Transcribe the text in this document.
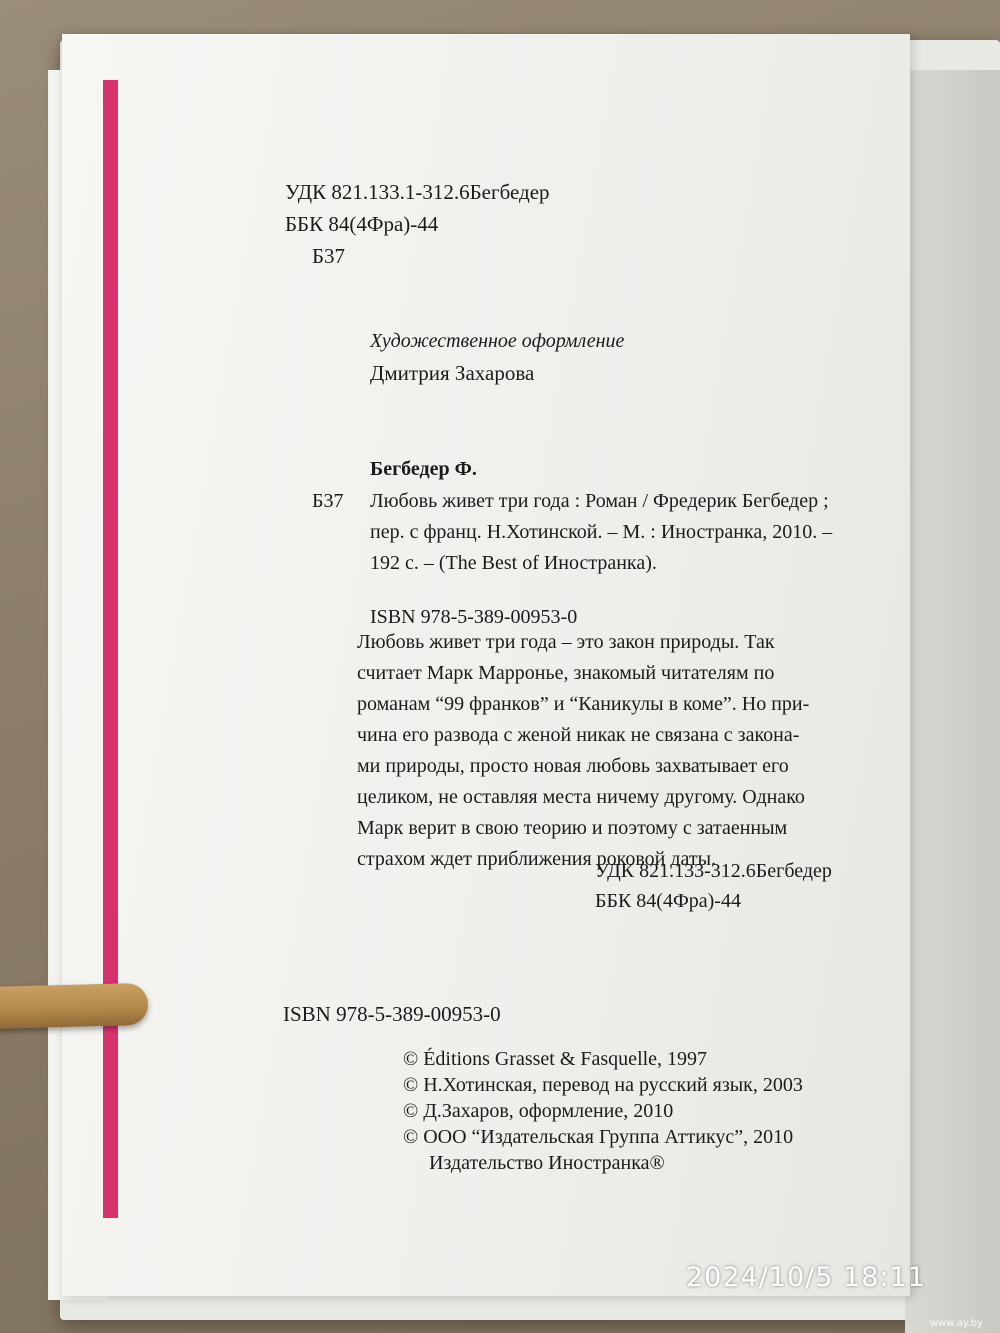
УДК 821.133.1-312.6Бегбедер
ББК 84(4Фра)-44
Б37
Художественное оформление
Дмитрия Захарова
Бегбедер Ф.
Б37 Любовь живет три года : Роман / Фредерик Бегбедер ;
пер. с франц. Н.Хотинской. – М. : Иностранка, 2010. –
192 с. – (The Best of Иностранка).
ISBN 978-5-389-00953-0
Любовь живет три года – это закон природы. Так
считает Марк Марронье, знакомый читателям по
романам “99 франков” и “Каникулы в коме”. Но при-
чина его развода с женой никак не связана с закона-
ми природы, просто новая любовь захватывает его
целиком, не оставляя места ничему другому. Однако
Марк верит в свою теорию и поэтому с затаенным
страхом ждет приближения роковой даты.
УДК 821.133-312.6Бегбедер
ББК 84(4Фра)-44
ISBN 978-5-389-00953-0
© Éditions Grasset & Fasquelle, 1997
© Н.Хотинская, перевод на русский язык, 2003
© Д.Захаров, оформление, 2010
© ООО “Издательская Группа Аттикус”, 2010
Издательство Иностранка®
2024/10/5 18:11
www.ay.by
